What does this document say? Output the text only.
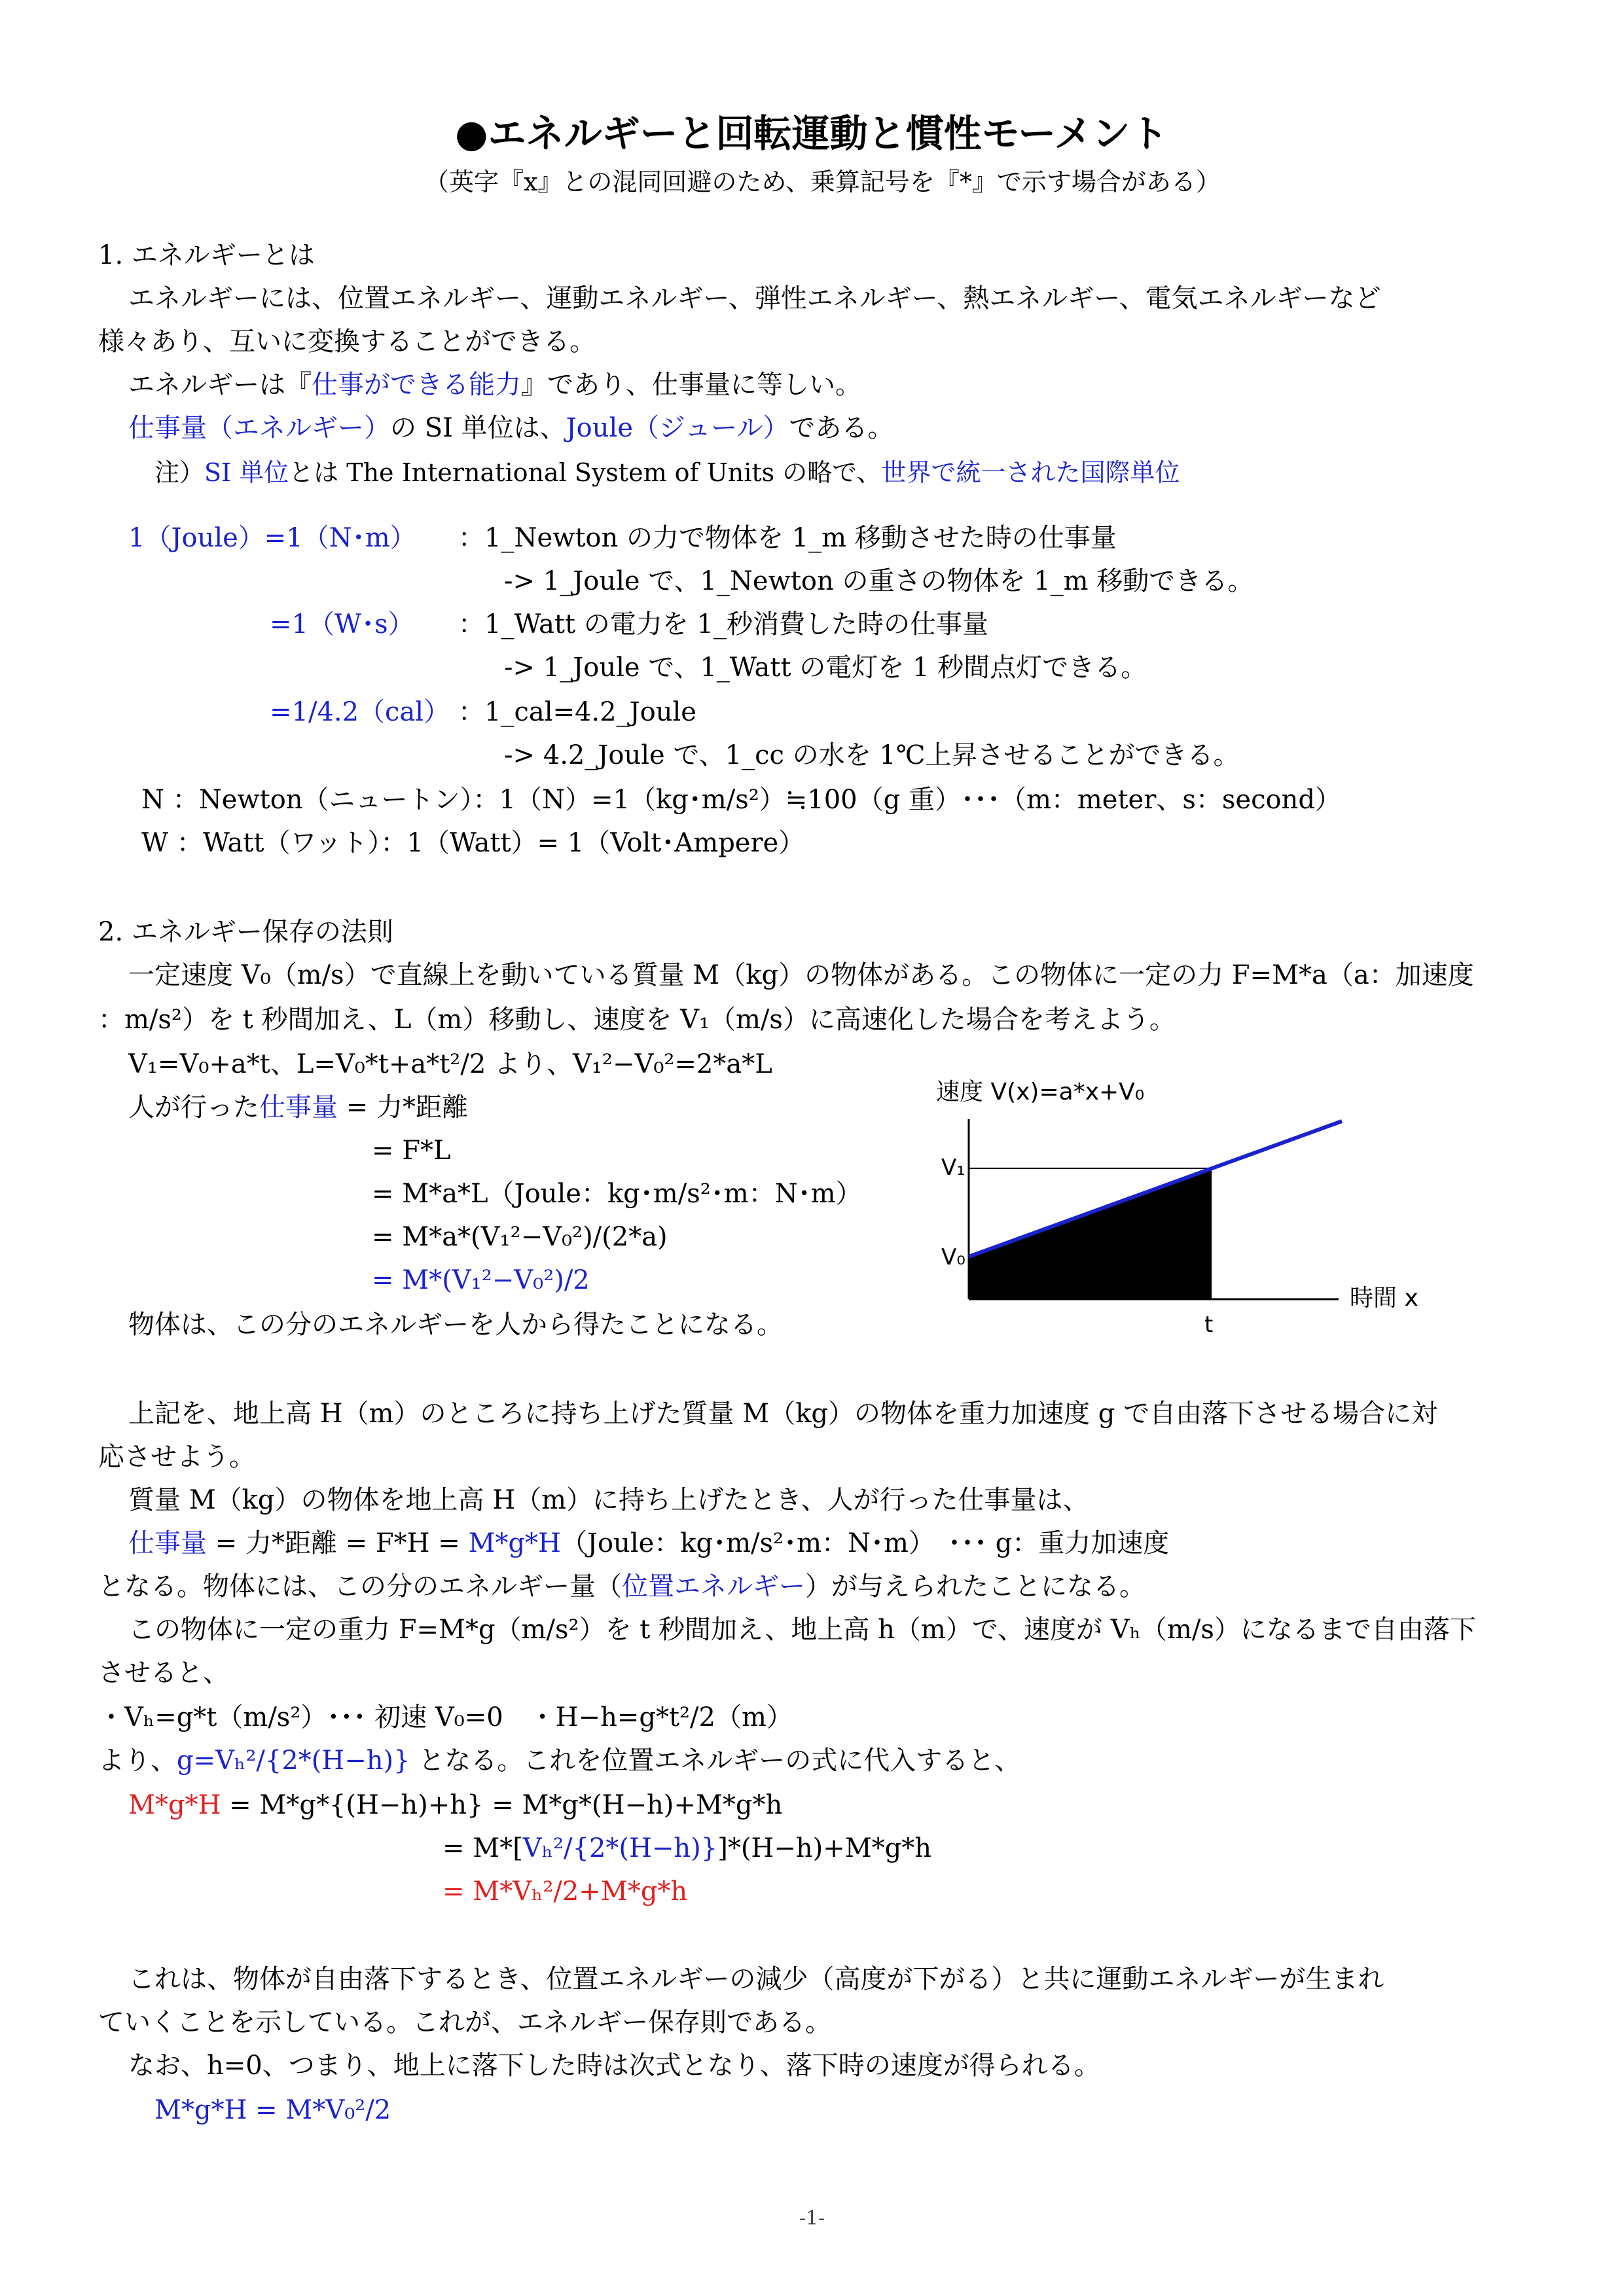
●エネルギーと回転運動と慣性モーメント
（英字『x』との混同回避のため、乗算記号を『*』で示す場合がある）
1. エネルギーとは
エネルギーには、位置エネルギー、運動エネルギー、弾性エネルギー、熱エネルギー、電気エネルギーなど
様々あり、互いに変換することができる。
エネルギーは『仕事ができる能力』であり、仕事量に等しい。
仕事量（エネルギー）の SI 単位は、Joule（ジュール）である。
注）SI 単位とは The International System of Units の略で、世界で統一された国際単位
1（Joule）=1（N･m） ：1_Newton の力で物体を 1_m 移動させた時の仕事量
-> 1_Joule で、1_Newton の重さの物体を 1_m 移動できる。
=1（W･s） ：1_Watt の電力を 1_秒消費した時の仕事量
-> 1_Joule で、1_Watt の電灯を 1 秒間点灯できる。
=1/4.2（cal） ：1_cal=4.2_Joule
-> 4.2_Joule で、1_cc の水を 1℃上昇させることができる。
N ：Newton（ニュートン）：1（N）=1（kg･m/s²）≒100（g 重）･･･（m：meter、s：second）
W ：Watt（ワット）：1（Watt）= 1（Volt･Ampere）
2. エネルギー保存の法則
一定速度 V₀（m/s）で直線上を動いている質量 M（kg）の物体がある。この物体に一定の力 F=M*a（a：加速度
：m/s²）を t 秒間加え、L（m）移動し、速度を V₁（m/s）に高速化した場合を考えよう。
V₁=V₀+a*t、L=V₀*t+a*t²/2 より、V₁²−V₀²=2*a*L
人が行った仕事量 = 力*距離
= F*L
= M*a*L（Joule：kg･m/s²･m：N･m）
= M*a*(V₁²−V₀²)/(2*a)
= M*(V₁²−V₀²)/2
物体は、この分のエネルギーを人から得たことになる。
上記を、地上高 H（m）のところに持ち上げた質量 M（kg）の物体を重力加速度 g で自由落下させる場合に対
応させよう。
質量 M（kg）の物体を地上高 H（m）に持ち上げたとき、人が行った仕事量は、
仕事量 = 力*距離 = F*H = M*g*H（Joule：kg･m/s²･m：N･m）　･･･ g：重力加速度
となる。物体には、この分のエネルギー量（位置エネルギー）が与えられたことになる。
この物体に一定の重力 F=M*g（m/s²）を t 秒間加え、地上高 h（m）で、速度が Vₕ（m/s）になるまで自由落下
させると、
・Vₕ=g*t（m/s²）･･･ 初速 V₀=0　・H−h=g*t²/2（m）
より、g=Vₕ²/{2*(H−h)} となる。これを位置エネルギーの式に代入すると、
M*g*H = M*g*{(H−h)+h} = M*g*(H−h)+M*g*h
= M*[Vₕ²/{2*(H−h)}]*(H−h)+M*g*h
= M*Vₕ²/2+M*g*h
これは、物体が自由落下するとき、位置エネルギーの減少（高度が下がる）と共に運動エネルギーが生まれ
ていくことを示している。これが、エネルギー保存則である。
なお、h=0、つまり、地上に落下した時は次式となり、落下時の速度が得られる。
M*g*H = M*V₀²/2
速度 V(x)=a*x+V₀
V₁
V₀
t
時間 x
-1-
